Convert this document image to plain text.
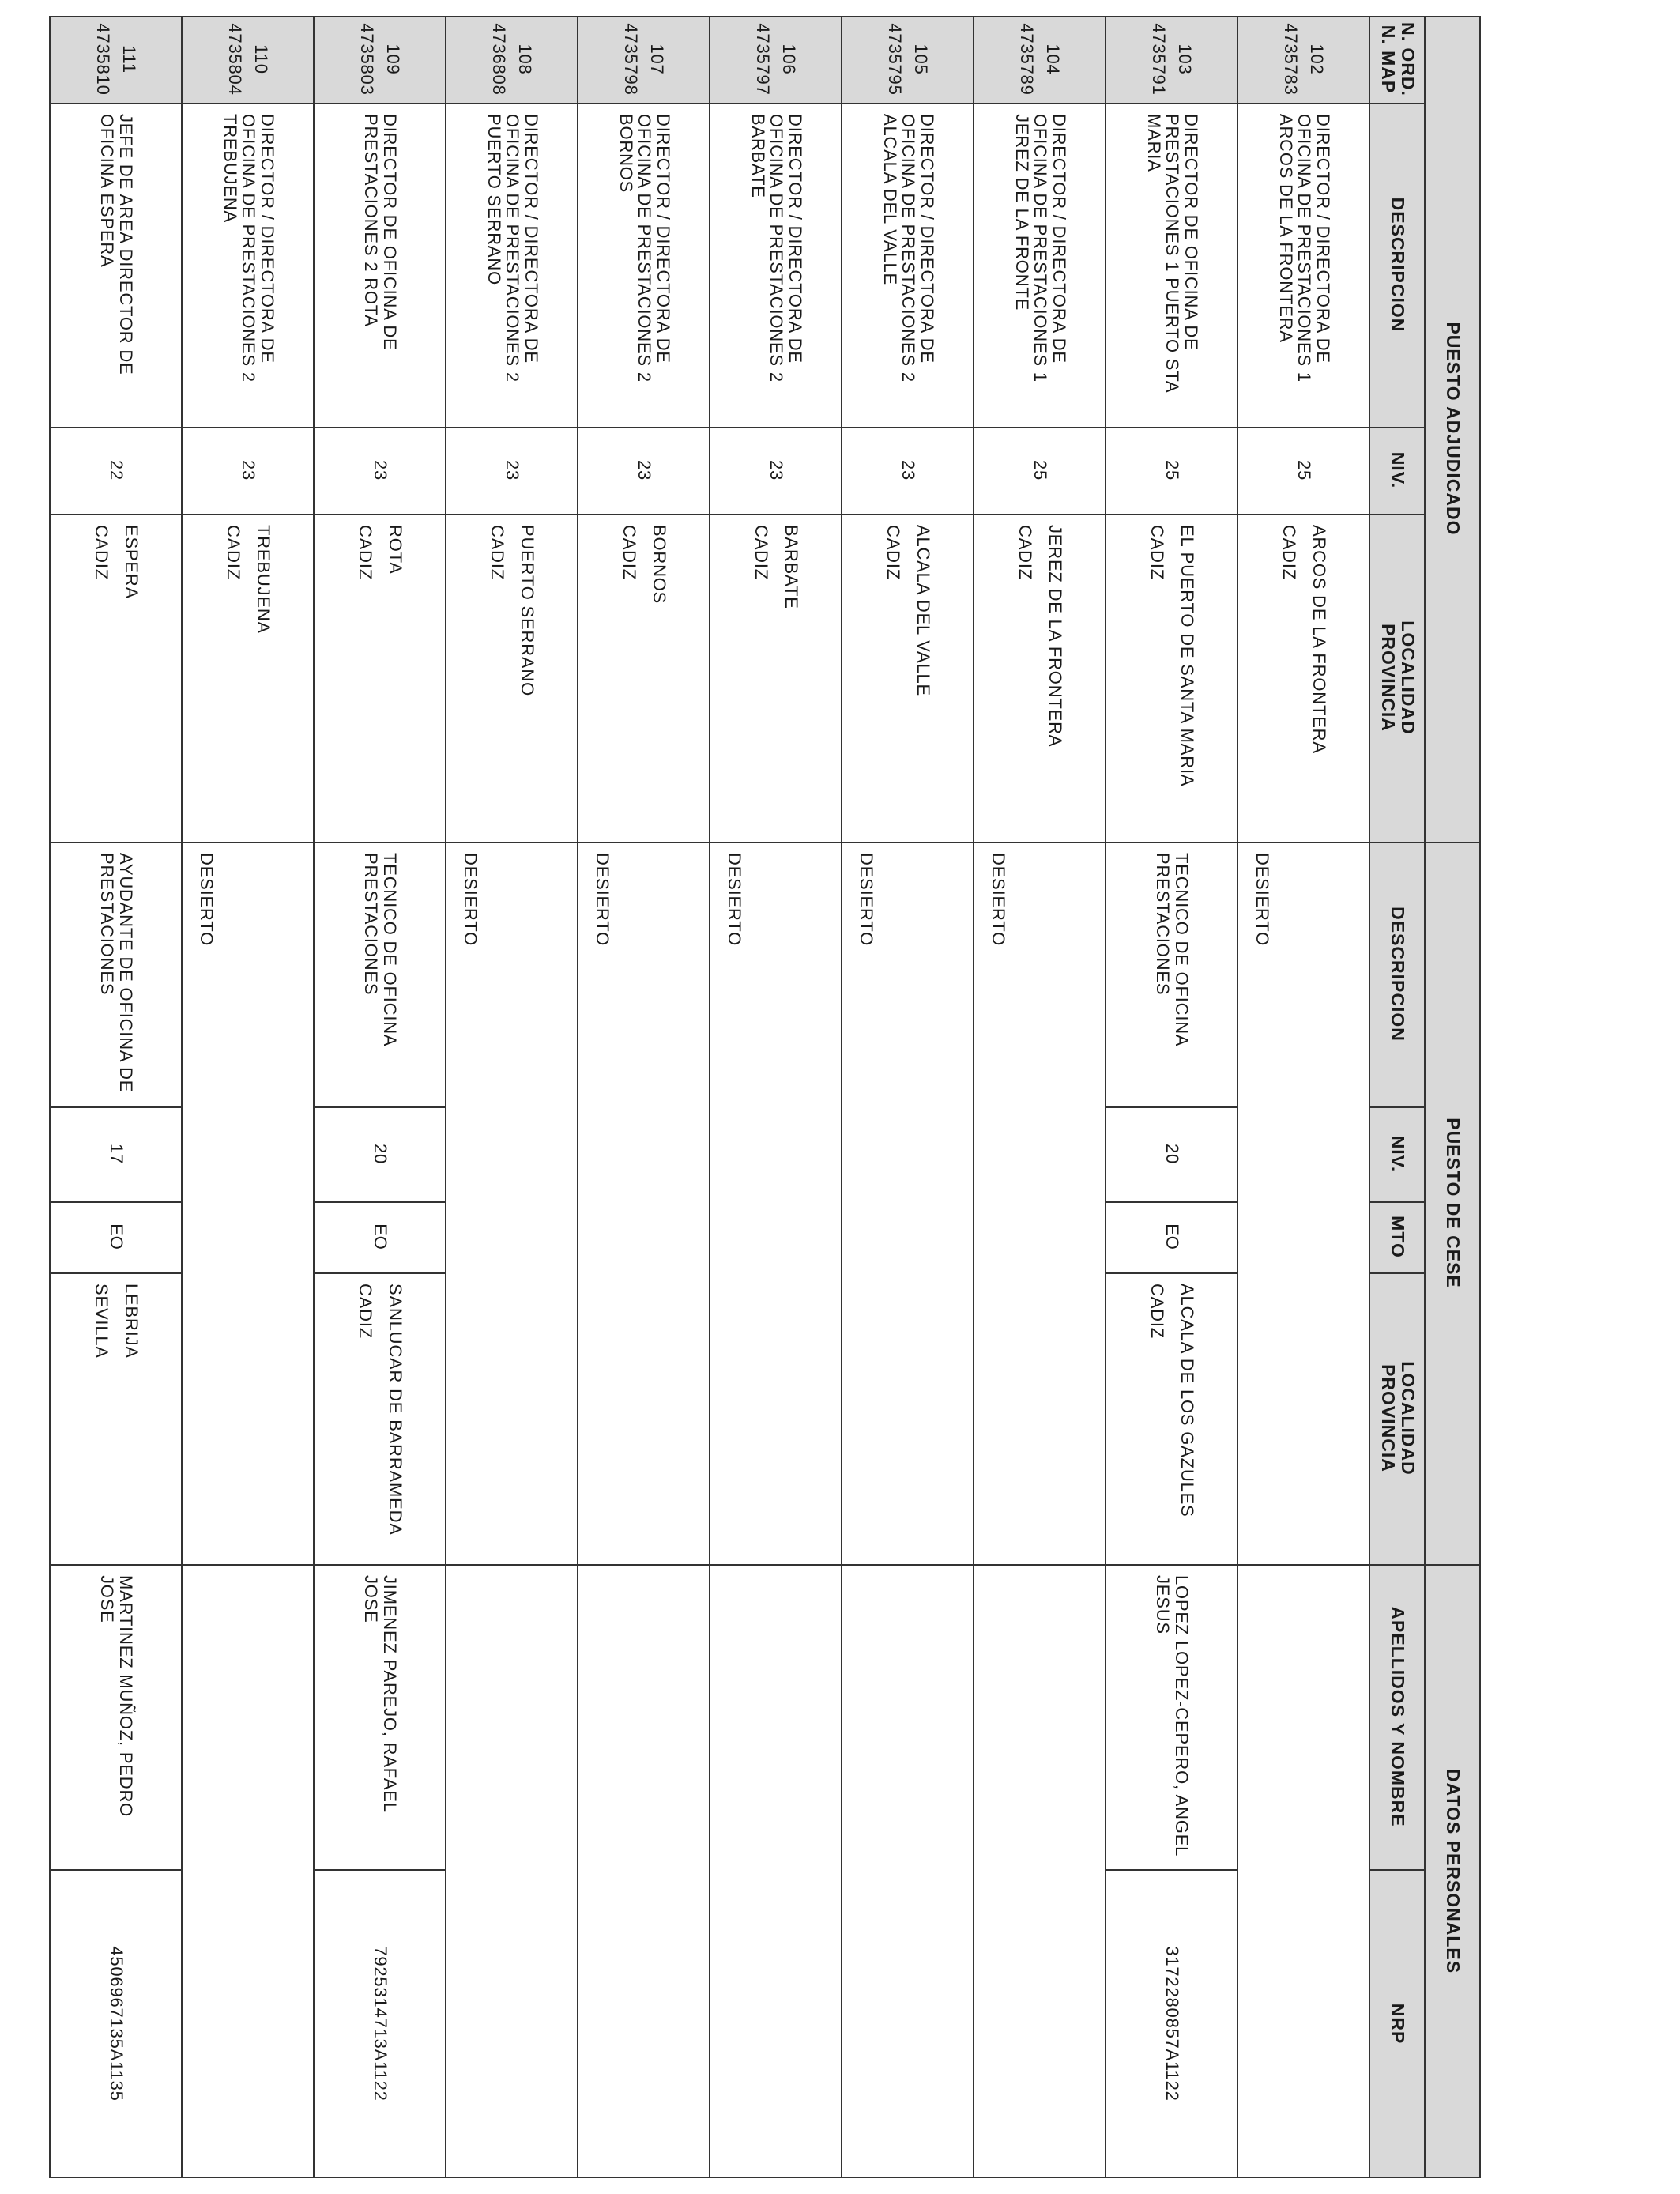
PUESTO ADJUDICADO
PUESTO DE CESE
DATOS PERSONALES
N. ORD.
N. MAP
DESCRIPCION
NIV.
LOCALIDAD
PROVINCIA
DESCRIPCION
NIV.
MTO
LOCALIDAD
PROVINCIA
APELLIDOS Y NOMBRE
NRP
102
4735783
DIRECTOR / DIRECTORA DE OFICINA DE PRESTACIONES 1 ARCOS DE LA FRONTERA
25
ARCOS DE LA FRONTERA
CADIZ
DESIERTO
103
4735791
DIRECTOR DE OFICINA DE PRESTACIONES 1 PUERTO STA MARIA
25
EL PUERTO DE SANTA MARIA
CADIZ
TECNICO DE OFICINA PRESTACIONES
20
EO
ALCALA DE LOS GAZULES
CADIZ
LOPEZ LOPEZ-CEPERO, ANGEL JESUS
3172280857A1122
104
4735789
DIRECTOR / DIRECTORA DE OFICINA DE PRESTACIONES 1 JEREZ DE LA FRONTE
25
JEREZ DE LA FRONTERA
CADIZ
DESIERTO
105
4735795
DIRECTOR / DIRECTORA DE OFICINA DE PRESTACIONES 2 ALCALA DEL VALLE
23
ALCALA DEL VALLE
CADIZ
DESIERTO
106
4735797
DIRECTOR / DIRECTORA DE OFICINA DE PRESTACIONES 2 BARBATE
23
BARBATE
CADIZ
DESIERTO
107
4735798
DIRECTOR / DIRECTORA DE OFICINA DE PRESTACIONES 2 BORNOS
23
BORNOS
CADIZ
DESIERTO
108
4736808
DIRECTOR / DIRECTORA DE OFICINA DE PRESTACIONES 2 PUERTO SERRANO
23
PUERTO SERRANO
CADIZ
DESIERTO
109
4735803
DIRECTOR DE OFICINA DE PRESTACIONES 2 ROTA
23
ROTA
CADIZ
TECNICO DE OFICINA PRESTACIONES
20
EO
SANLUCAR DE BARRAMEDA
CADIZ
JIMENEZ PAREJO, RAFAEL JOSE
7925314713A1122
110
4735804
DIRECTOR / DIRECTORA DE OFICINA DE PRESTACIONES 2 TREBUJENA
23
TREBUJENA
CADIZ
DESIERTO
111
4735810
JEFE DE AREA DIRECTOR DE OFICINA ESPERA
22
ESPERA
CADIZ
AYUDANTE DE OFICINA DE PRESTACIONES
17
EO
LEBRIJA
SEVILLA
MARTINEZ MUÑOZ, PEDRO JOSE
4506967135A1135
